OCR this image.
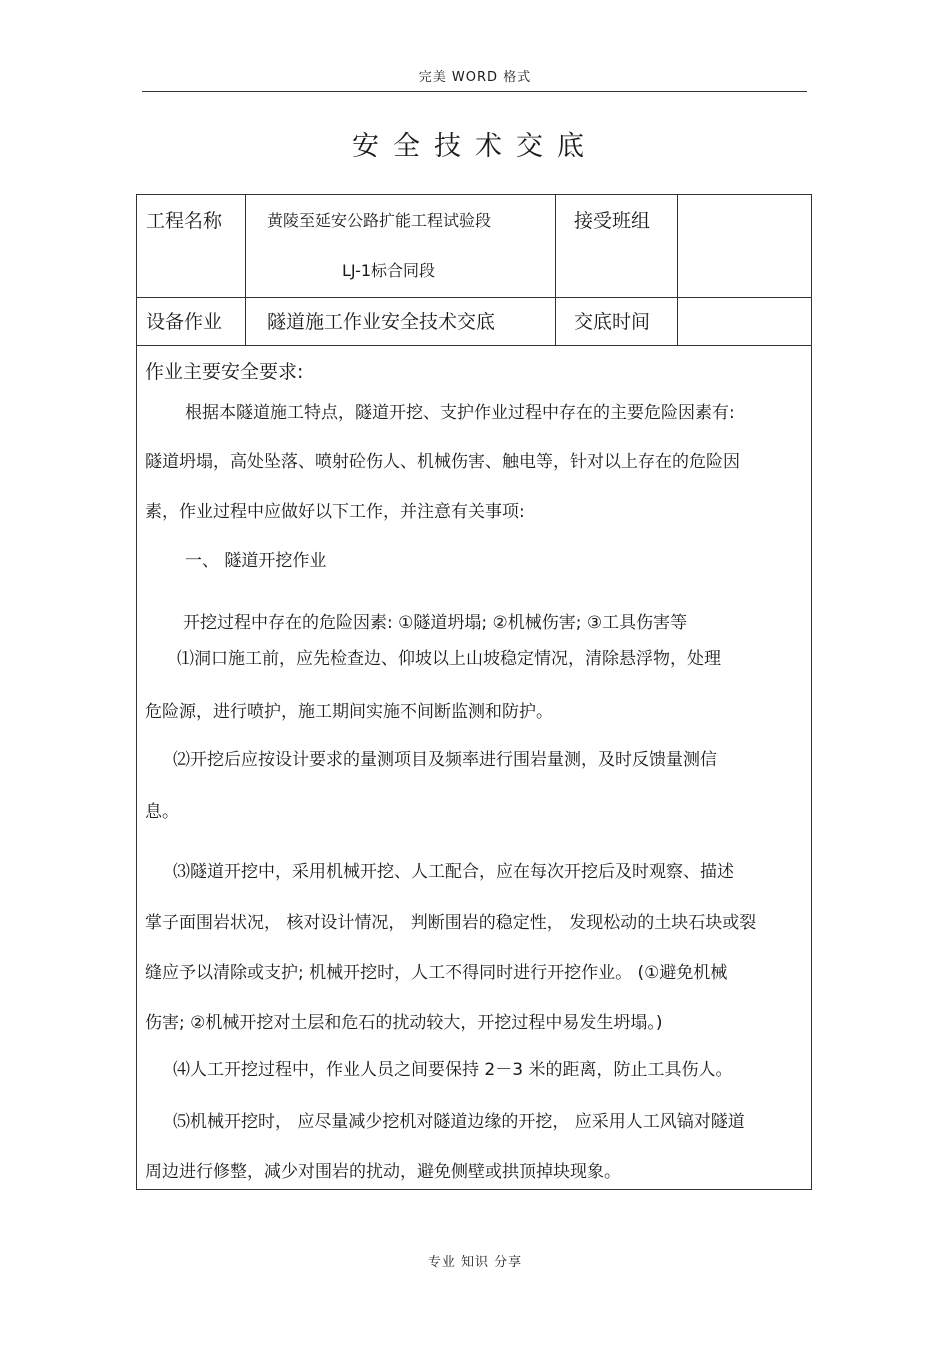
完美 WORD 格式
安全技术交底
工程名称	黄陵至延安公路扩能工程试验段
LJ-1标合同段
接受班组
设备作业 隧道施工作业安全技术交底	交底时间
作业主要安全要求:
根据本隧道施工特点，隧道开挖、支护作业过程中存在的主要危险因素有:
隧道坍塌，高处坠落、喷射砼伤人、机械伤害、触电等，针对以上存在的危险因
素，作业过程中应做好以下工作，并注意有关事项:
一、 隧道开挖作业
开挖过程中存在的危险因素: ①隧道坍塌; ②机械伤害; ③工具伤害等
⑴洞口施工前，应先检查边、仰坡以上山坡稳定情况，清除悬浮物，处理
危险源，进行喷护，施工期间实施不间断监测和防护。
⑵开挖后应按设计要求的量测项目及频率进行围岩量测，及时反馈量测信
息。
⑶隧道开挖中，采用机械开挖、人工配合，应在每次开挖后及时观察、描述
掌子面围岩状况， 核对设计情况， 判断围岩的稳定性， 发现松动的土块石块或裂
缝应予以清除或支护; 机械开挖时，人工不得同时进行开挖作业。 (①避免机械
伤害; ②机械开挖对土层和危石的扰动较大，开挖过程中易发生坍塌。)
⑷人工开挖过程中，作业人员之间要保持 2－3 米的距离，防止工具伤人。
⑸机械开挖时， 应尽量减少挖机对隧道边缘的开挖， 应采用人工风镐对隧道
周边进行修整，减少对围岩的扰动，避免侧壁或拱顶掉块现象。
专业 知识 分享
